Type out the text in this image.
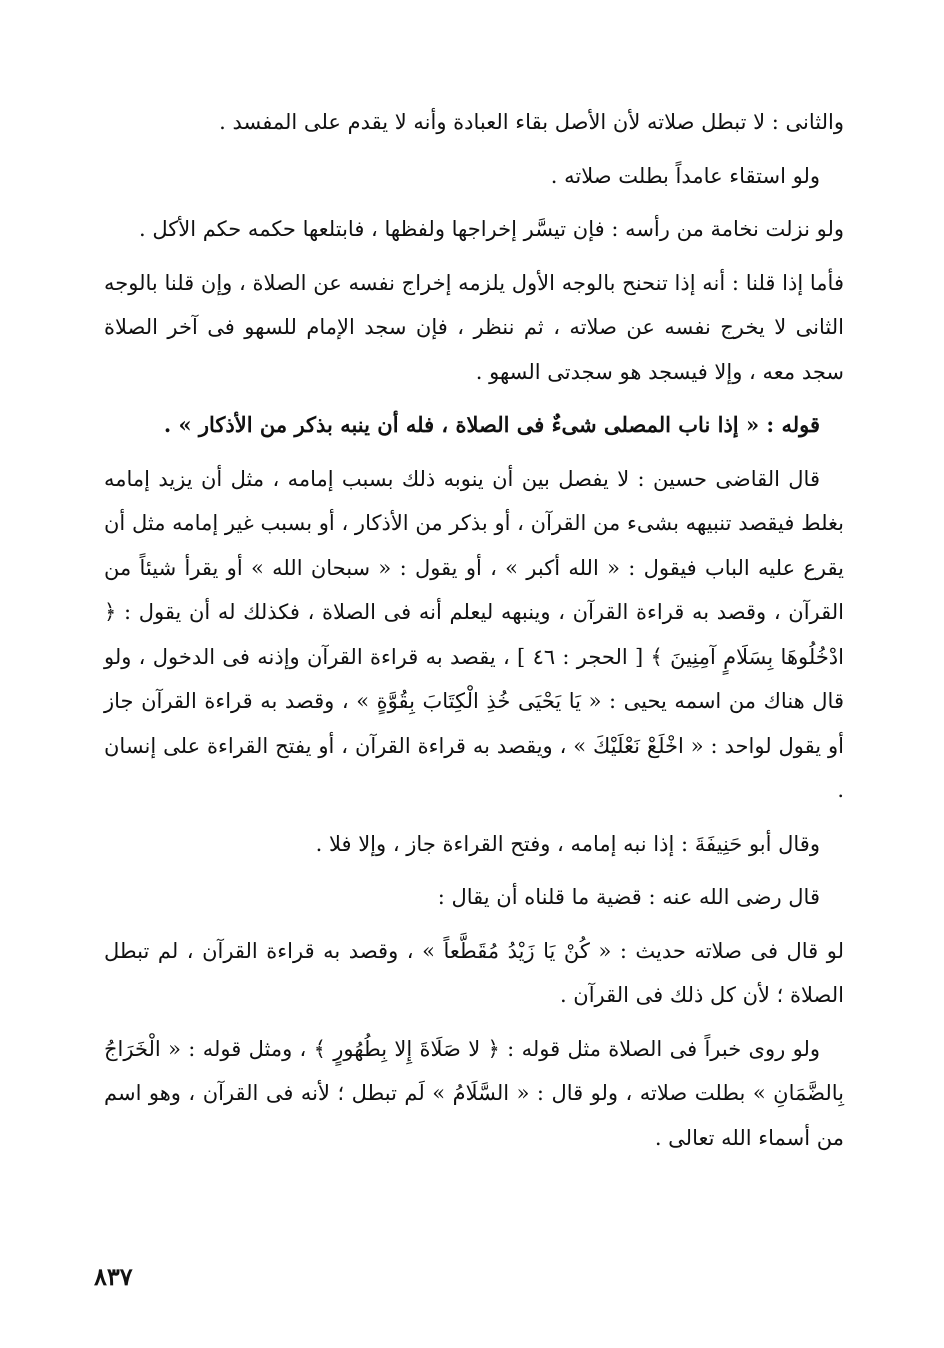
والثانى : لا تبطل صلاته لأن الأصل بقاء العبادة وأنه لا يقدم على المفسد .

ولو استقاء عامداً بطلت صلاته .

ولو نزلت نخامة من رأسه : فإن تيسَّر إخراجها ولفظها ، فابتلعها حكمه حكم الأكل .

فأما إذا قلنا : أنه إذا تنحنح بالوجه الأول يلزمه إخراج نفسه عن الصلاة ، وإن قلنا بالوجه الثانى لا يخرج نفسه عن صلاته ، ثم ننظر ، فإن سجد الإمام للسهو فى آخر الصلاة سجد معه ، وإلا فيسجد هو سجدتى السهو .

قوله : « إذا ناب المصلى شىءٌ فى الصلاة ، فله أن ينبه بذكر من الأذكار » .

قال القاضى حسين : لا يفصل بين أن ينوبه ذلك بسبب إمامه ، مثل أن يزيد إمامه بغلط فيقصد تنبيهه بشىء من القرآن ، أو بذكر من الأذكار ، أو بسبب غير إمامه مثل أن يقرع عليه الباب فيقول : « الله أكبر » ، أو يقول : « سبحان الله » أو يقرأ شيئاً من القرآن ، وقصد به قراءة القرآن ، وينبهه ليعلم أنه فى الصلاة ، فكذلك له أن يقول : ﴿ ادْخُلُوهَا بِسَلَامٍ آمِنِينَ ﴾ [ الحجر : ٤٦ ] ، يقصد به قراءة القرآن وإذنه فى الدخول ، ولو قال هناك من اسمه يحيى : « يَا يَحْيَى خُذِ الْكِتَابَ بِقُوَّةٍ » ، وقصد به قراءة القرآن جاز أو يقول لواحد : « اخْلَعْ نَعْلَيْكَ » ، ويقصد به قراءة القرآن ، أو يفتح القراءة على إنسان .

وقال أبو حَنِيفَةَ : إذا نبه إمامه ، وفتح القراءة جاز ، وإلا فلا .

قال رضى الله عنه : قضية ما قلناه أن يقال :

لو قال فى صلاته حديث : « كُنْ يَا زَيْدُ مُقَطَّعاً » ، وقصد به قراءة القرآن ، لم تبطل الصلاة ؛ لأن كل ذلك فى القرآن .

ولو روى خبراً فى الصلاة مثل قوله : ﴿ لا صَلَاةَ إِلا بِطُهُورٍ ﴾ ، ومثل قوله : « الْخَرَاجُ بِالضَّمَانِ » بطلت صلاته ، ولو قال : « السَّلَامُ » لَم تبطل ؛ لأنه فى القرآن ، وهو اسم من أسماء الله تعالى .

٨٣٧
